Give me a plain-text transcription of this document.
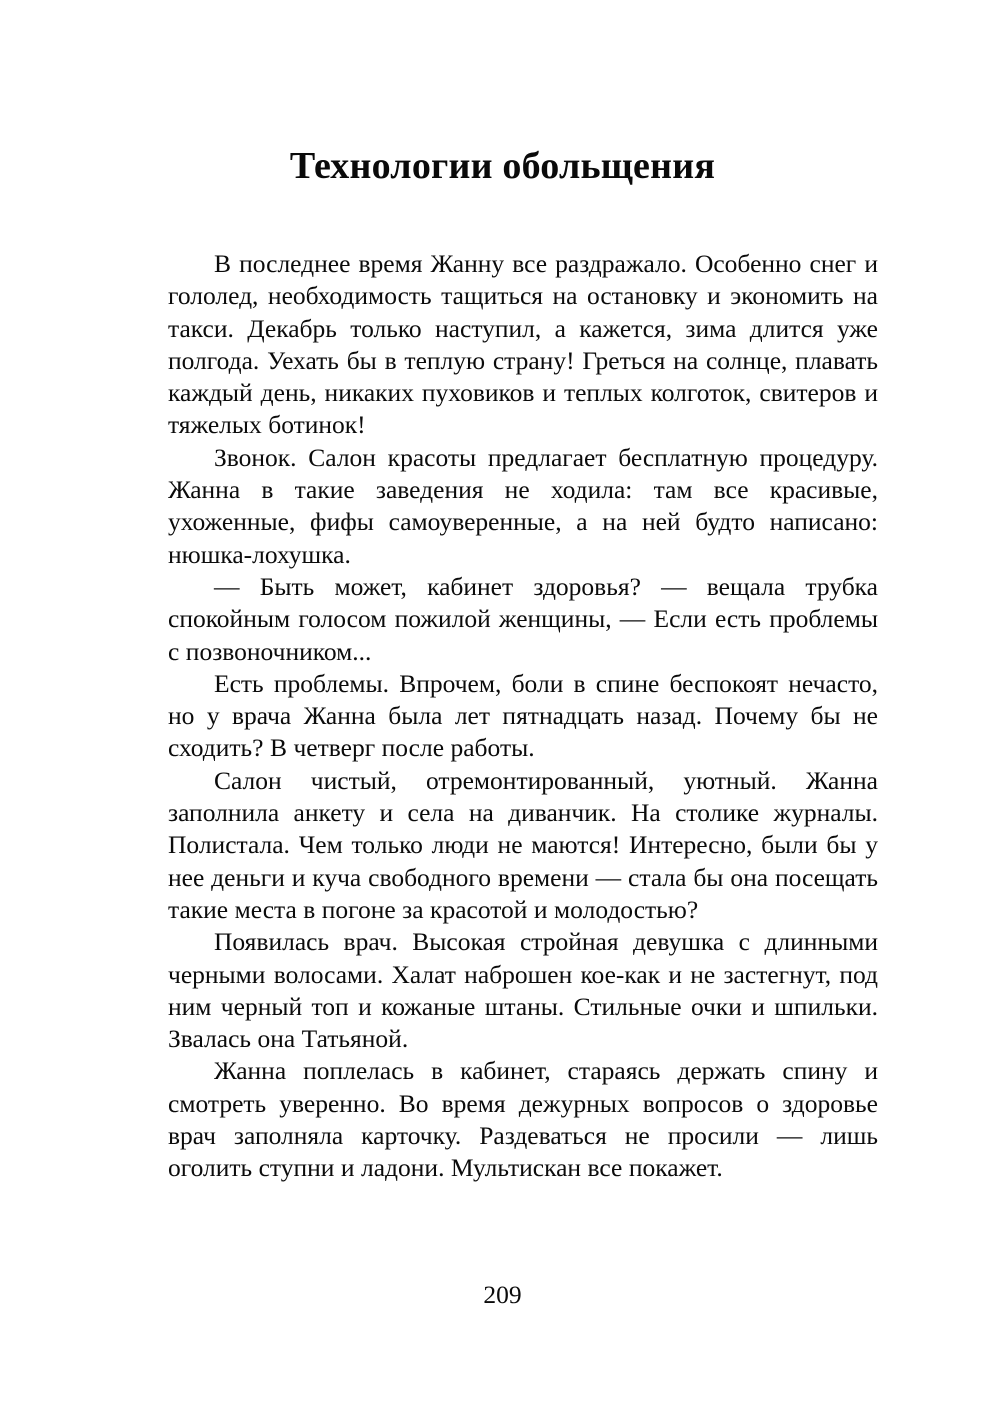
Технологии обольщения

В последнее время Жанну все раздражало. Особенно снег и гололед, необходимость тащиться на остановку и экономить на такси. Декабрь только наступил, а кажется, зима длится уже полгода. Уехать бы в теплую страну! Греться на солнце, плавать каждый день, никаких пуховиков и теплых колготок, свитеров и тяжелых ботинок!

Звонок. Салон красоты предлагает бесплатную процедуру. Жанна в такие заведения не ходила: там все красивые, ухоженные, фифы самоуверенные, а на ней будто написано: нюшка-лохушка.

— Быть может, кабинет здоровья? — вещала трубка спокойным голосом пожилой женщины, — Если есть проблемы с позвоночником...

Есть проблемы. Впрочем, боли в спине беспокоят нечасто, но у врача Жанна была лет пятнадцать назад. Почему бы не сходить? В четверг после работы.

Салон чистый, отремонтированный, уютный. Жанна заполнила анкету и села на диванчик. На столике журналы. Полистала. Чем только люди не маются! Интересно, были бы у нее деньги и куча свободного времени — стала бы она посещать такие места в погоне за красотой и молодостью?

Появилась врач. Высокая стройная девушка с длинными черными волосами. Халат наброшен кое-как и не застегнут, под ним черный топ и кожаные штаны. Стильные очки и шпильки. Звалась она Татьяной.

Жанна поплелась в кабинет, стараясь держать спину и смотреть уверенно. Во время дежурных вопросов о здоровье врач заполняла карточку. Раздеваться не просили — лишь оголить ступни и ладони. Мультискан все покажет.

209
